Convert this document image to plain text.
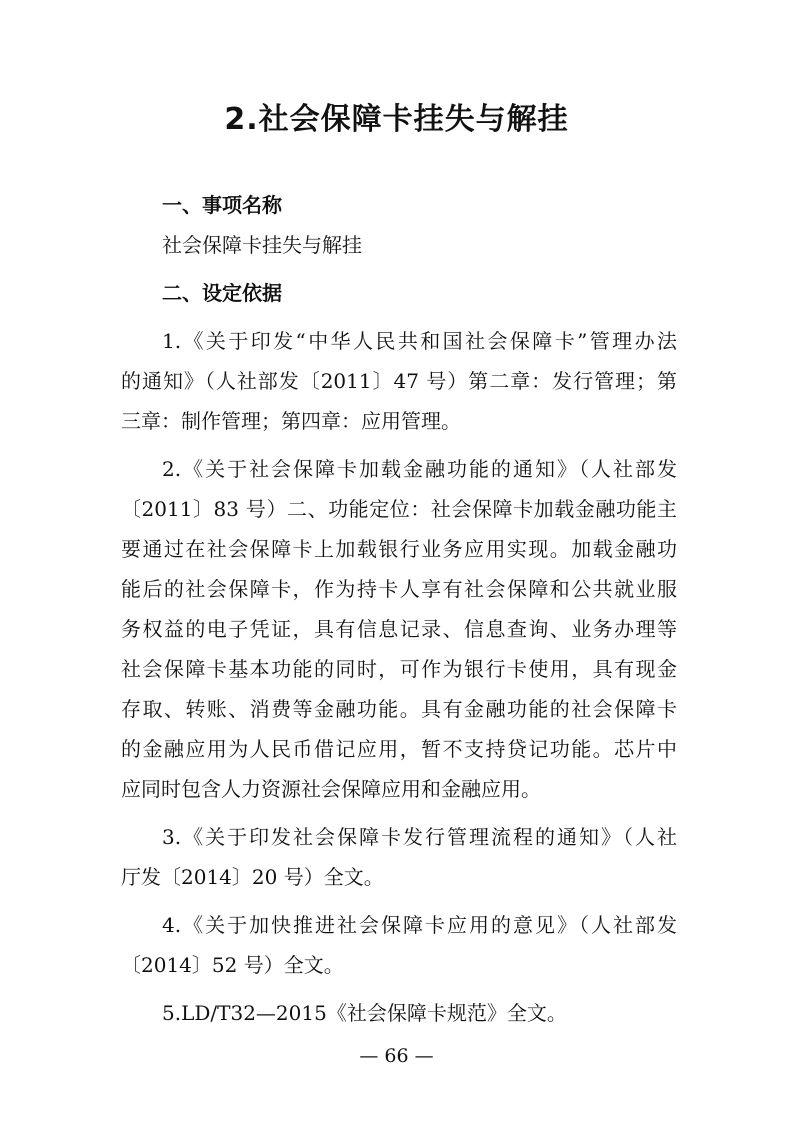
2.社会保障卡挂失与解挂
一、事项名称
社会保障卡挂失与解挂
二、设定依据
1.《关于印发“中华人民共和国社会保障卡”管理办法
的通知》（人社部发〔2011〕47 号）第二章：发行管理；第
三章：制作管理；第四章：应用管理。
2.《关于社会保障卡加载金融功能的通知》（人社部发
〔2011〕83 号）二、功能定位：社会保障卡加载金融功能主
要通过在社会保障卡上加载银行业务应用实现。加载金融功
能后的社会保障卡，作为持卡人享有社会保障和公共就业服
务权益的电子凭证，具有信息记录、信息查询、业务办理等
社会保障卡基本功能的同时，可作为银行卡使用，具有现金
存取、转账、消费等金融功能。具有金融功能的社会保障卡
的金融应用为人民币借记应用，暂不支持贷记功能。芯片中
应同时包含人力资源社会保障应用和金融应用。
3.《关于印发社会保障卡发行管理流程的通知》（人社
厅发〔2014〕20 号）全文。
4.《关于加快推进社会保障卡应用的意见》（人社部发
〔2014〕52 号）全文。
5.LD/T32—2015《社会保障卡规范》全文。
— 66 —
